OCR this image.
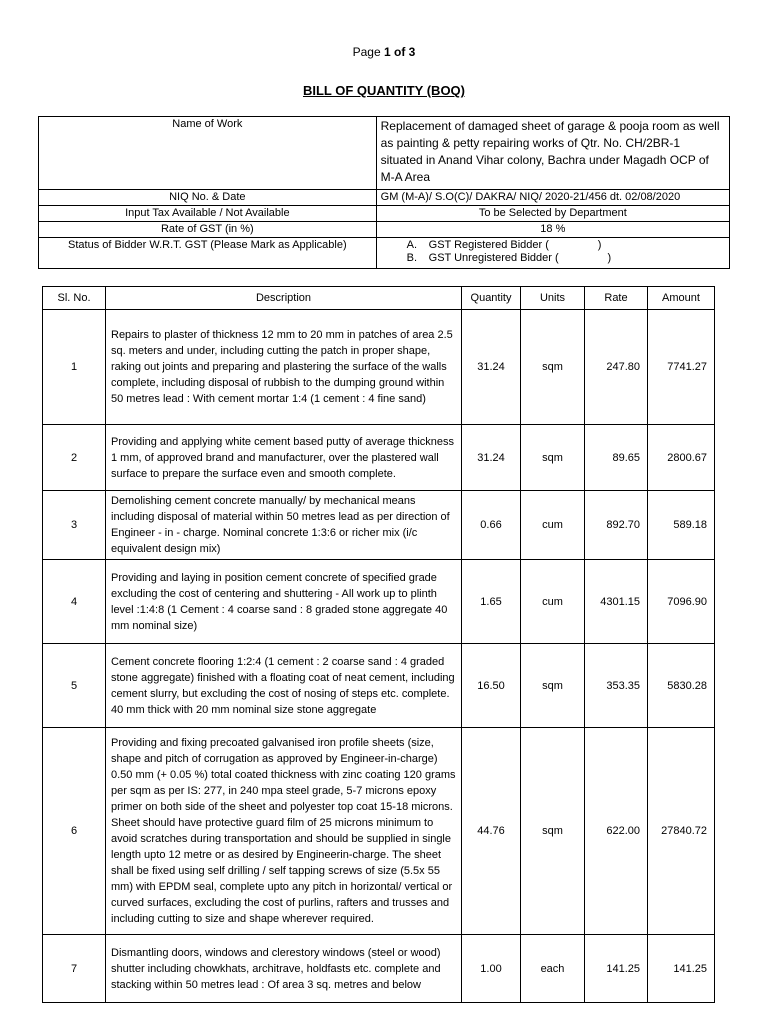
Page 1 of 3
BILL OF QUANTITY (BOQ)
Name of Work	Replacement of damaged sheet of garage & pooja room as well as painting & petty repairing works of Qtr. No. CH/2BR-1 situated in Anand Vihar colony, Bachra under Magadh OCP of M-A Area
NIQ No. & Date	GM (M-A)/ S.O(C)/ DAKRA/ NIQ/ 2020-21/456 dt. 02/08/2020
Input Tax Available / Not Available	To be Selected by Department
Rate of GST (in %)	18 %
Status of Bidder W.R.T. GST (Please Mark as Applicable)	A. GST Registered Bidder (                )
B. GST Unregistered Bidder (                )
Sl. No.	Description	Quantity	Units	Rate	Amount
1	Repairs to plaster of thickness 12 mm to 20 mm in patches of area 2.5 sq. meters and under, including cutting the patch in proper shape, raking out joints and preparing and plastering the surface of the walls complete, including disposal of rubbish to the dumping ground within 50 metres lead : With cement mortar 1:4 (1 cement : 4 fine sand)	31.24	sqm	247.80	7741.27
2	Providing and applying white cement based putty of average thickness 1 mm, of approved brand and manufacturer, over the plastered wall surface to prepare the surface even and smooth complete.	31.24	sqm	89.65	2800.67
3	Demolishing cement concrete manually/ by mechanical means including disposal of material within 50 metres lead as per direction of Engineer - in - charge. Nominal concrete 1:3:6 or richer mix (i/c equivalent design mix)	0.66	cum	892.70	589.18
4	Providing and laying in position cement concrete of specified grade excluding the cost of centering and shuttering - All work up to plinth level :1:4:8 (1 Cement : 4 coarse sand : 8 graded stone aggregate 40 mm nominal size)	1.65	cum	4301.15	7096.90
5	Cement concrete flooring 1:2:4 (1 cement : 2 coarse sand : 4 graded stone aggregate) finished with a floating coat of neat cement, including cement slurry, but excluding the cost of nosing of steps etc. complete. 40 mm thick with 20 mm nominal size stone aggregate	16.50	sqm	353.35	5830.28
6	Providing and fixing precoated galvanised iron profile sheets (size, shape and pitch of corrugation as approved by Engineer-in-charge) 0.50 mm (+ 0.05 %) total coated thickness with zinc coating 120 grams per sqm as per IS: 277, in 240 mpa steel grade, 5-7 microns epoxy primer on both side of the sheet and polyester top coat 15-18 microns. Sheet should have protective guard film of 25 microns minimum to avoid scratches during transportation and should be supplied in single length upto 12 metre or as desired by Engineerin-charge. The sheet shall be fixed using self drilling / self tapping screws of size (5.5x 55 mm) with EPDM seal, complete upto any pitch in horizontal/ vertical or curved surfaces, excluding the cost of purlins, rafters and trusses and including cutting to size and shape wherever required.	44.76	sqm	622.00	27840.72
7	Dismantling doors, windows and clerestory windows (steel or wood) shutter including chowkhats, architrave, holdfasts etc. complete and stacking within 50 metres lead : Of area 3 sq. metres and below	1.00	each	141.25	141.25
